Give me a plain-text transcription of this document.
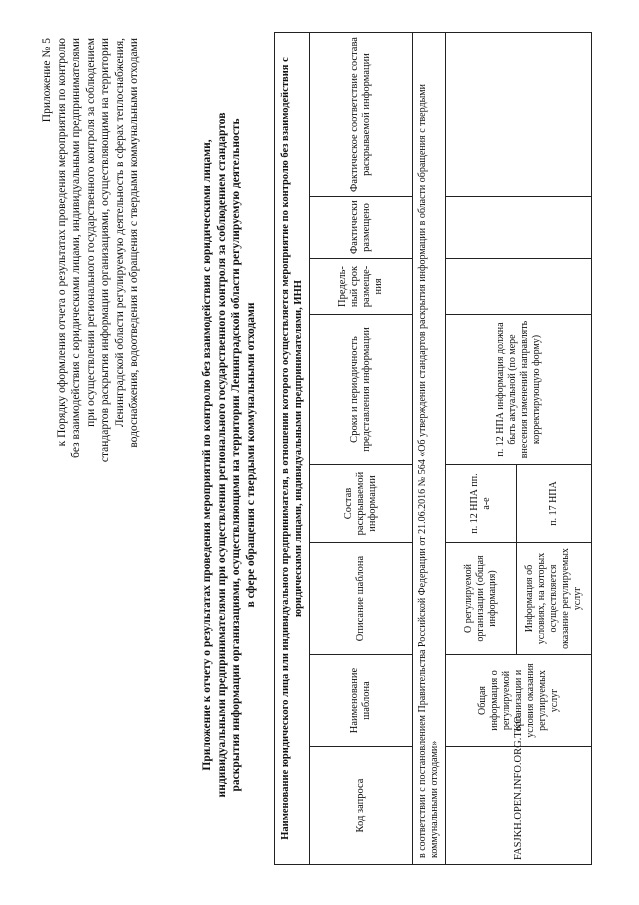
Приложение № 5 к Порядку оформления отчета о результатах проведения мероприятия по контролю без взаимодействия с юридическими лицами, индивидуальными предпринимателями при осуществлении регионального государственного контроля за соблюдением стандартов раскрытия информации организациями, осуществляющими на территории Ленинградской области регулируемую деятельность в сферах теплоснабжения, водоснабжения, водоотведения и обращения с твердыми коммунальными отходами	Приложение к отчету о результатах проведения мероприятий по контролю без взаимодействия с юридическими лицами, индивидуальными предпринимателями при осуществлении регионального государственного контроля за соблюдением стандартов раскрытия информации организациями, осуществляющими на территории Ленинградской области регулируемую деятельность в сфере обращения с твердыми коммунальными отходами Наименование юридического лица или индивидуального предпринимателя, в отношении которого осуществляется мероприятие по контролю без взаимодействия с юридическими лицами, индивидуальными предпринимателями, ИНН							
Код запроса	Наименование шаблона	Описание шаблона	Состав раскрываемой информации	Сроки и периодичность представления информации	Предель-ный срок размеще-ния	Фактически размещено	Фактическое соответствие состава раскрываемой информации
в соответствии с постановлением Правительства Российской Федерации от 21.06.2016 № 564 «Об утверждении стандартов раскрытия информации в области обращения с твердыми коммунальными отходами»							
FASJKH.OPEN.INFO.ORG.TKO	Общая информация о регулируемой организации и условия оказания регулируемых услуг	О регулируемой организации (общая информация)	п. 12 НПА пп. а-е	п. 12 НПА информация должна быть актуальной (по мере внесения изменений направлять корректирующую форму)			
		Информация об условиях, на которых осуществляется оказание регулируемых услуг	п. 17 НПА				
